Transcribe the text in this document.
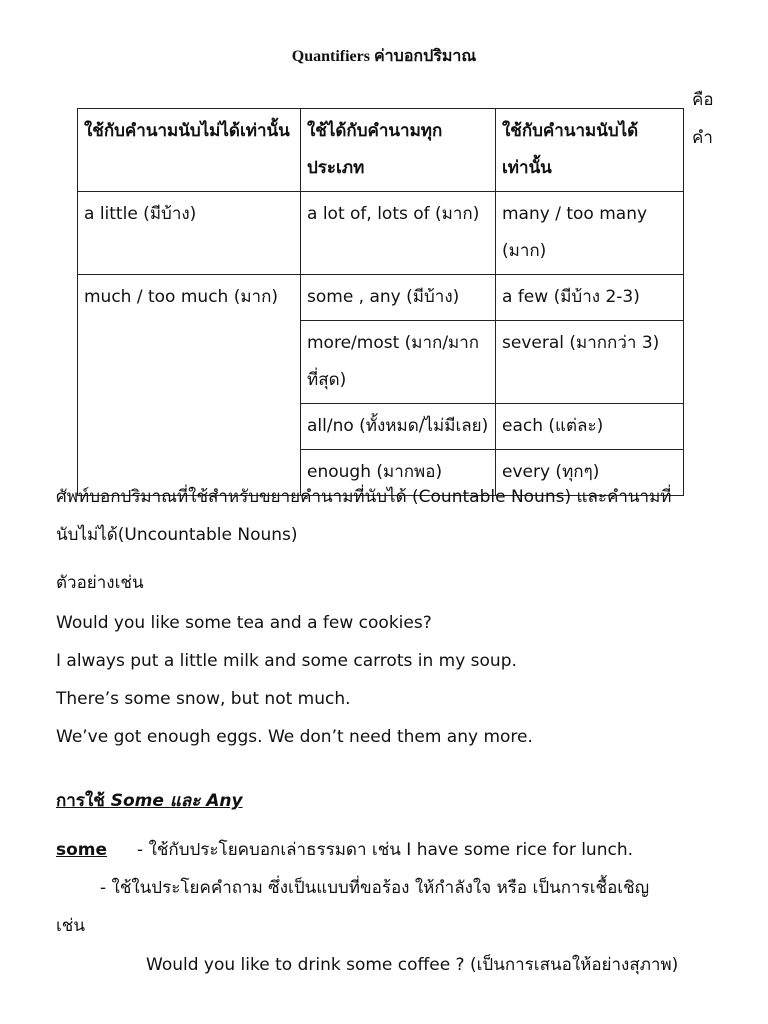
Quantifiers ค่าบอกปริมาณ
คือ
คำ
ใช้กับคำนามนับไม่ได้เท่านั้น	ใช้ได้กับคำนามทุกประเภท	ใช้กับคำนามนับได้เท่านั้น
a little (มีบ้าง)	a lot of, lots of (มาก)	many / too many (มาก)
much / too much (มาก)	some , any (มีบ้าง)	a few (มีบ้าง 2-3)
	more/most (มาก/มากที่สุด)	several (มากกว่า 3)
	all/no (ทั้งหมด/ไม่มีเลย)	each (แต่ละ)
	enough (มากพอ)	every (ทุกๆ)
ศัพท์บอกปริมาณที่ใช้สำหรับขยายคำนามที่นับได้ (Countable Nouns) และคำนามที่
นับไม่ได้(Uncountable Nouns)
ตัวอย่างเช่น
Would you like some tea and a few cookies?
I always put a little milk and some carrots in my soup.
There’s some snow, but not much.
We’ve got enough eggs. We don’t need them any more.
การใช้ Some และ Any
some - ใช้กับประโยคบอกเล่าธรรมดา เช่น I have some rice for lunch.
- ใช้ในประโยคคำถาม ซึ่งเป็นแบบที่ขอร้อง ให้กำลังใจ หรือ เป็นการเชื้อเชิญ
เช่น
Would you like to drink some coffee ? (เป็นการเสนอให้อย่างสุภาพ)
